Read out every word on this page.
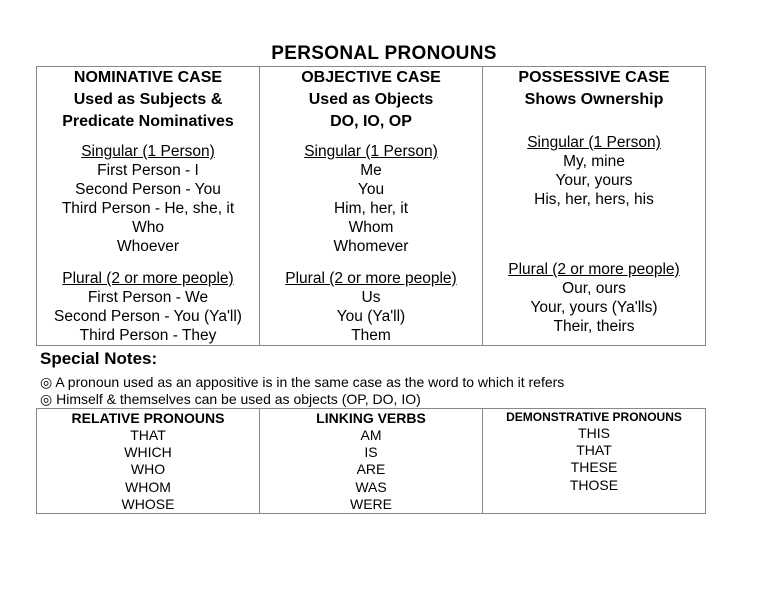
PERSONAL PRONOUNS
NOMINATIVE CASE
Used as Subjects &
Predicate Nominatives
Singular (1 Person)
First Person - I
Second Person - You
Third Person - He, she, it
Who
Whoever
Plural (2 or more people)
First Person - We
Second Person - You (Ya'll)
Third Person - They
OBJECTIVE CASE
Used as Objects
DO, IO, OP
Singular (1 Person)
Me
You
Him, her, it
Whom
Whomever
Plural (2 or more people)
Us
You (Ya'll)
Them
POSSESSIVE CASE
Shows Ownership
Singular (1 Person)
My, mine
Your, yours
His, her, hers, his
Plural (2 or more people)
Our, ours
Your, yours (Ya'lls)
Their, theirs
Special Notes:
◎ A pronoun used as an appositive is in the same case as the word to which it refers
◎ Himself & themselves can be used as objects (OP, DO, IO)
RELATIVE PRONOUNS
THAT
WHICH
WHO
WHOM
WHOSE
LINKING VERBS
AM
IS
ARE
WAS
WERE
DEMONSTRATIVE PRONOUNS
THIS
THAT
THESE
THOSE
